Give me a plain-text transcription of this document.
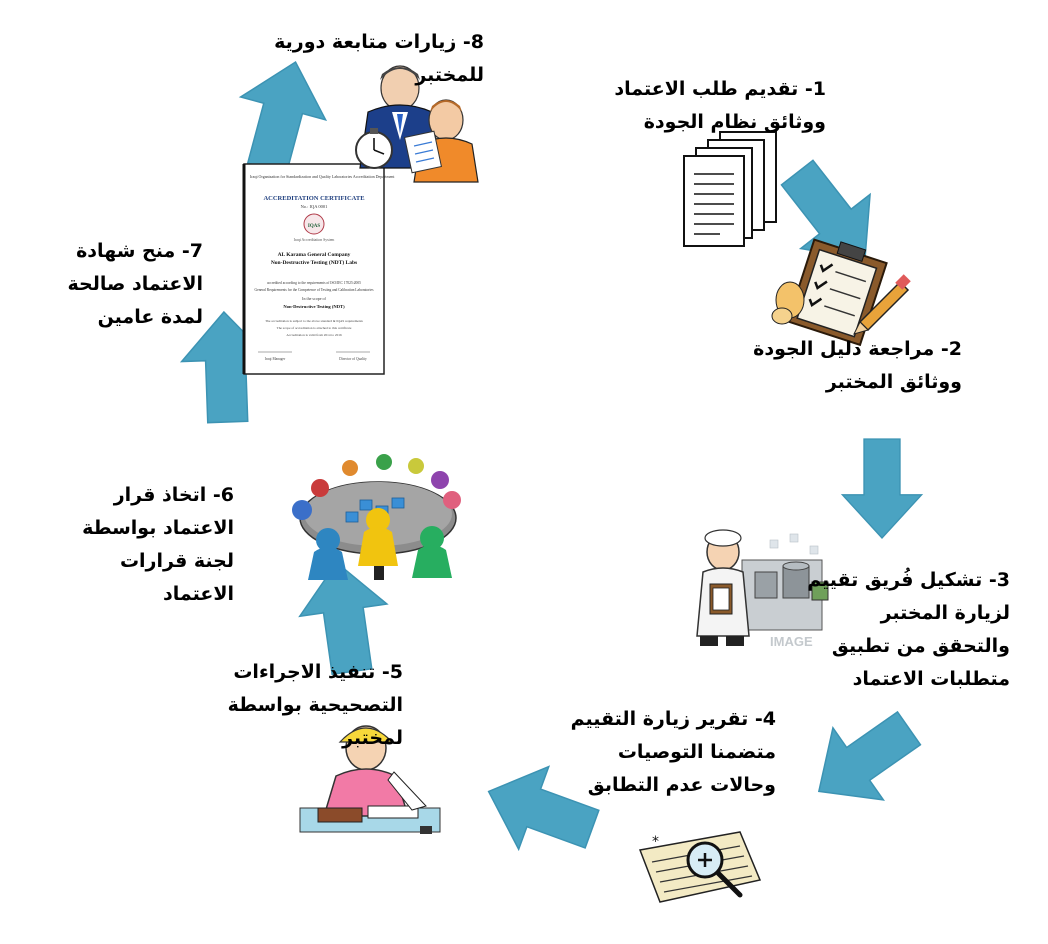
IMAGE
*
Iraqi Organization for Standardization and Quality Laboratories Accreditation Department
ACCREDITATION CERTIFICATE
No.: IQA 0001
IQAS
Iraqi Accreditation System
AL Karama General Company
Non-Destructive Testing (NDT) Labs
accredited according to the requirements of ISO/IEC 17025:2005
General Requirements for the Competence of Testing and Calibration Laboratories
In the scope of
Non-Destructive Testing (NDT)
The accreditation is subject to the above standard & IQAS requirements
The scope of accreditation is attached to this certificate
Accreditation is valid from 2014 to 2016
Iraqi Manager	Director of Quality
1- تقديم طلب الاعتماد
ووثائق نظام الجودة
2- مراجعة دليل الجودة
ووثائق المختبر
3- تشكيل فُريق تقييم
لزيارة المختبر
والتحقق من تطبيق
متطلبات الاعتماد
4- تقرير زيارة التقييم
متضمنا التوصيات
وحالات عدم التطابق
5- تنفيذ الاجراءات
التصحيحية بواسطة
لمختبر
6- اتخاذ قرار
الاعتماد بواسطة
لجنة قرارات
الاعتماد
7- منح شهادة
الاعتماد صالحة
لمدة عامين
8- زيارات متابعة دورية
للمختبر
